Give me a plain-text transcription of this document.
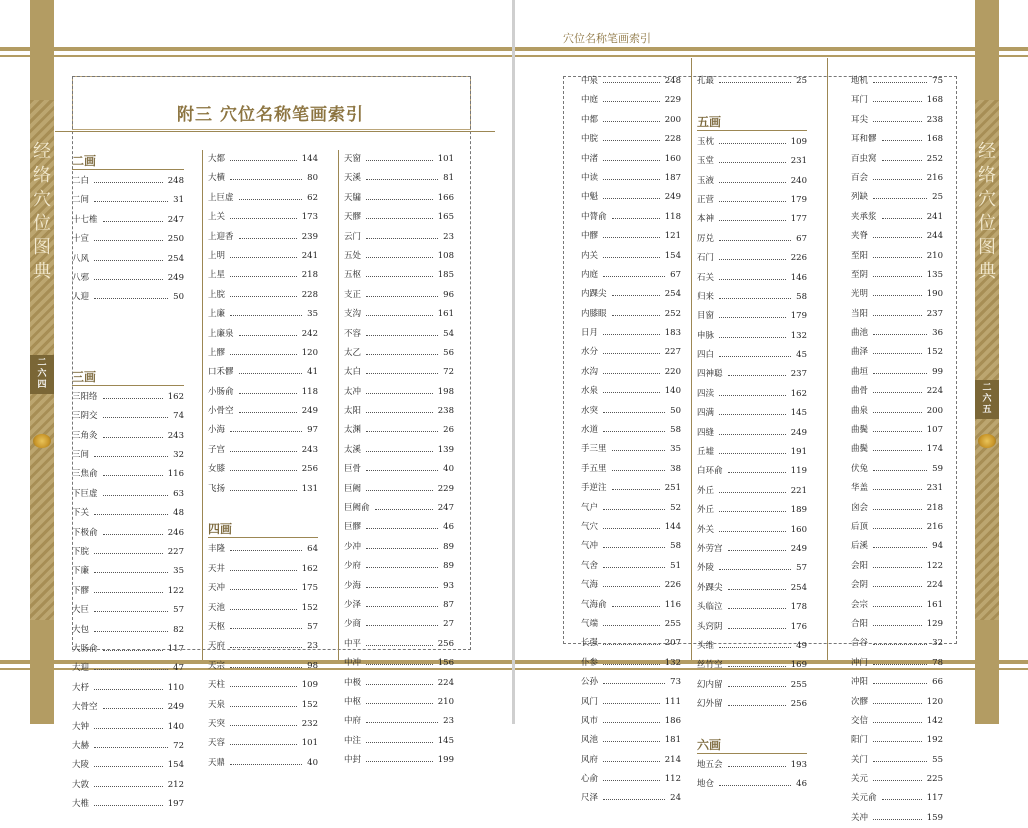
经
络
穴
位
图
典
二
六
四
附三 穴位名称笔画索引
二画
二白	248
二间	31
十七椎	247
十宣	250
八风	254
八邪	249
人迎	50
三画
三阳络	162
三阴交	74
三角灸	243
三间	32
三焦俞	116
下巨虚	63
下关	48
下极俞	246
下脘	227
下廉	35
下髎	122
大巨	57
大包	82
大肠俞	117
大迎	47
大杼	110
大骨空	249
大钟	140
大赫	72
大陵	154
大敦	212
大椎	197
大都	144
大横	80
上巨虚	62
上关	173
上迎香	239
上明	241
上星	218
上脘	228
上廉	35
上廉泉	242
上髎	120
口禾髎	41
小肠俞	118
小骨空	249
小海	97
子宫	243
女膝	256
飞扬	131
四画
丰隆	64
天井	162
天冲	175
天池	152
天枢	57
天府	23
天宗	98
天柱	109
天泉	152
天突	232
天容	101
天鼎	40
天窗	101
天溪	81
天牖	166
天髎	165
云门	23
五处	108
五枢	185
支正	96
支沟	161
不容	54
太乙	56
太白	72
太冲	198
太阳	238
太渊	26
太溪	139
巨骨	40
巨阙	229
巨阙俞	247
巨髎	46
少冲	89
少府	89
少海	93
少泽	87
少商	27
中平	256
中冲	156
中极	224
中枢	210
中府	23
中注	145
中封	199
穴位名称笔画索引
经
络
穴
位
图
典
二
六
五
中泉	248
中庭	229
中都	200
中脘	228
中渚	160
中读	187
中魁	249
中膂俞	118
中髎	121
内关	154
内庭	67
内踝尖	254
内膝眼	252
日月	183
水分	227
水沟	220
水泉	140
水突	50
水道	58
手三里	35
手五里	38
手逆注	251
气户	52
气穴	144
气冲	58
气舍	51
气海	226
气海俞	116
气端	255
长强	207
仆参	132
公孙	73
风门	111
风市	186
风池	181
风府	214
心俞	112
尺泽	24
孔最	25
五画
玉枕	109
玉堂	231
玉液	240
正营	179
本神	177
厉兑	67
石门	226
石关	146
归来	58
目窗	179
申脉	132
四白	45
四神聪	237
四渎	162
四满	145
四缝	249
丘墟	191
白环俞	119
外丘	221
外丘	189
外关	160
外劳宫	249
外陵	57
外踝尖	254
头临泣	178
头窍阴	176
头维	49
丝竹空	169
幻内留	255
幻外留	256
六画
地五会	193
地仓	46
地机	75
耳门	168
耳尖	238
耳和髎	168
百虫窝	252
百会	216
列缺	25
夹承浆	241
夹脊	244
至阳	210
至阴	135
光明	190
当阳	237
曲池	36
曲泽	152
曲垣	99
曲骨	224
曲泉	200
曲鬓	107
曲鬓	174
伏兔	59
华盖	231
囟会	218
后顶	216
后溪	94
会阳	122
会阴	224
会宗	161
合阳	129
合谷	32
冲门	78
冲阳	66
次髎	120
交信	142
阳门	192
关门	55
关元	225
关元俞	117
关冲	159
